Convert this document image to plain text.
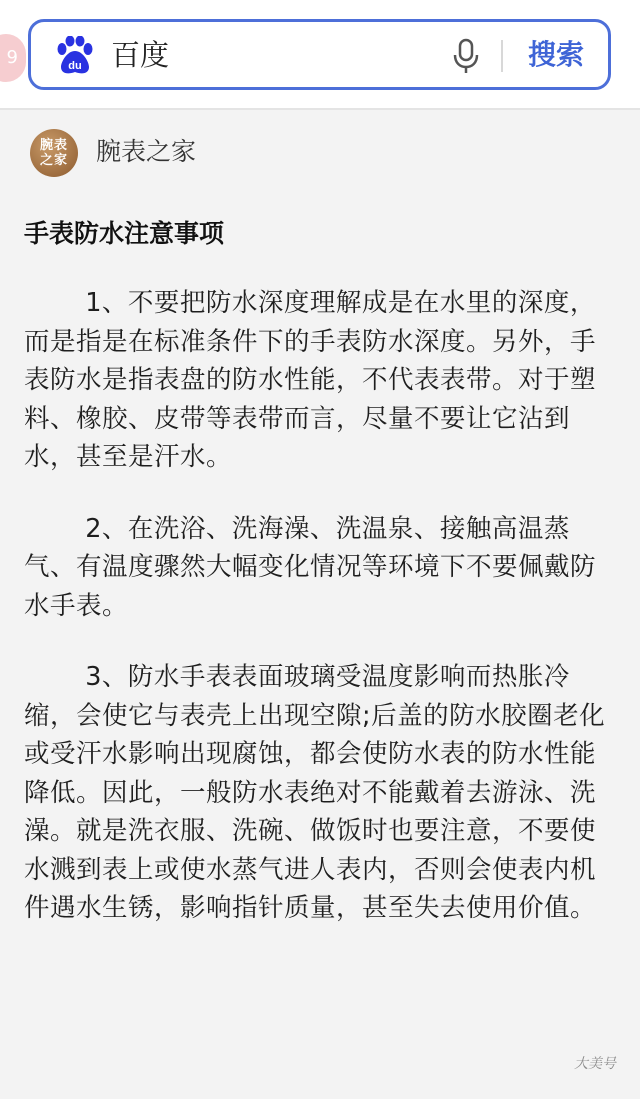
9	du 百度	搜索
腕表
之家	腕表之家
手表防水注意事项

1、不要把防水深度理解成是在水里的深度，而是指是在标准条件下的手表防水深度。另外，手表防水是指表盘的防水性能，不代表表带。对于塑料、橡胶、皮带等表带而言，尽量不要让它沾到水，甚至是汗水。

2、在洗浴、洗海澡、洗温泉、接触高温蒸气、有温度骤然大幅变化情况等环境下不要佩戴防水手表。

3、防水手表表面玻璃受温度影响而热胀冷缩，会使它与表壳上出现空隙;后盖的防水胶圈老化或受汗水影响出现腐蚀，都会使防水表的防水性能降低。因此，一般防水表绝对不能戴着去游泳、洗澡。就是洗衣服、洗碗、做饭时也要注意，不要使水溅到表上或使水蒸气进人表内，否则会使表内机件遇水生锈，影响指针质量，甚至失去使用价值。

大美号
